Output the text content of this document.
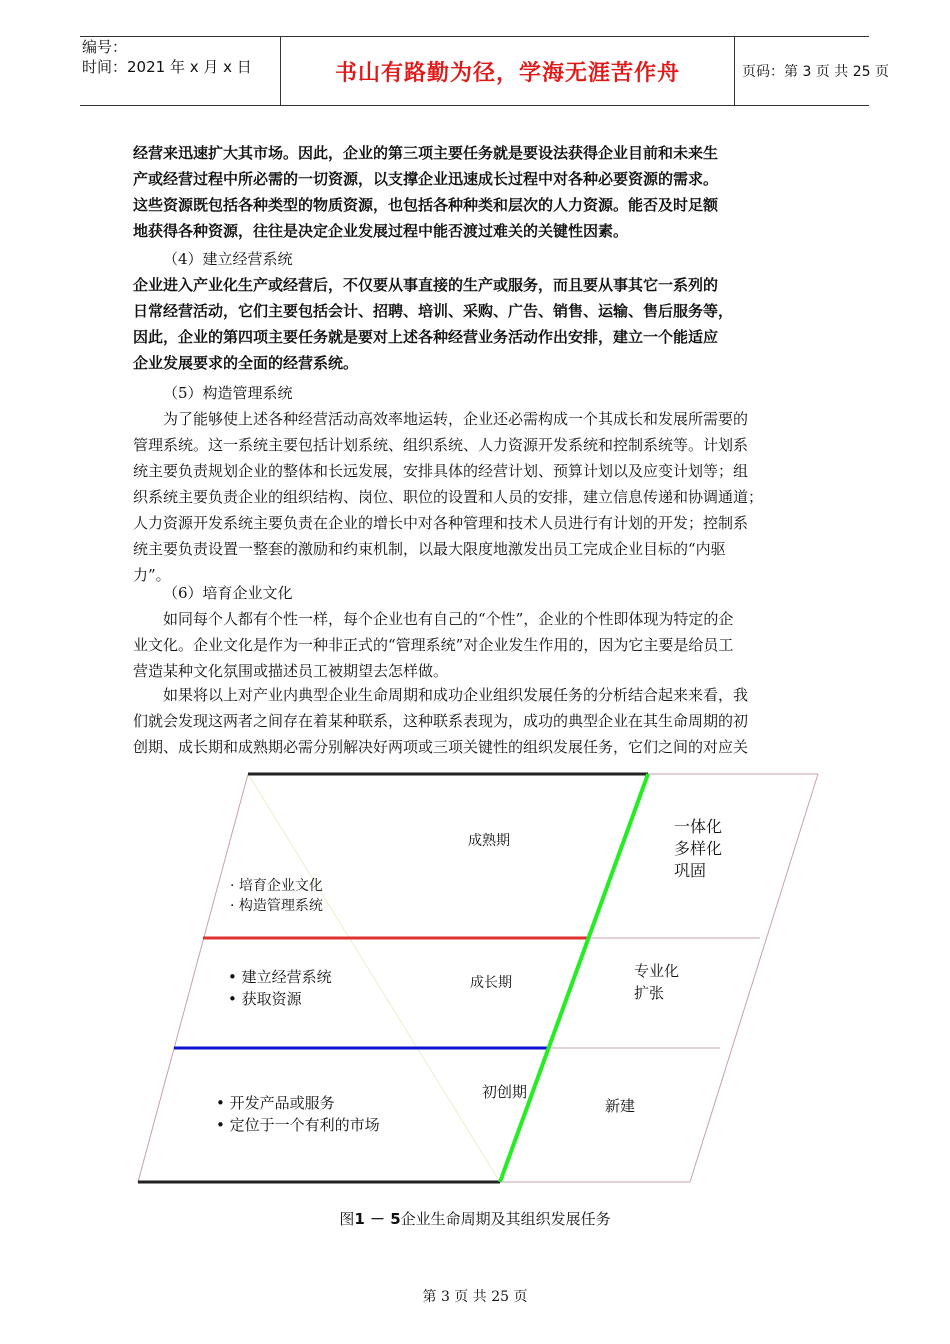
编号：
时间：2021 年 x 月 x 日	书山有路勤为径，学海无涯苦作舟	页码：第 3 页 共 25 页

经营来迅速扩大其市场。因此，企业的第三项主要任务就是要设法获得企业目前和未来生

产或经营过程中所必需的一切资源，以支撑企业迅速成长过程中对各种必要资源的需求。

这些资源既包括各种类型的物质资源，也包括各种种类和层次的人力资源。能否及时足额

地获得各种资源，往往是决定企业发展过程中能否渡过难关的关键性因素。

（4）建立经营系统

企业进入产业化生产或经营后，不仅要从事直接的生产或服务，而且要从事其它一系列的

日常经营活动，它们主要包括会计、招聘、培训、采购、广告、销售、运输、售后服务等，

因此，企业的第四项主要任务就是要对上述各种经营业务活动作出安排，建立一个能适应

企业发展要求的全面的经营系统。

（5）构造管理系统

为了能够使上述各种经营活动高效率地运转，企业还必需构成一个其成长和发展所需要的

管理系统。这一系统主要包括计划系统、组织系统、人力资源开发系统和控制系统等。计划系

统主要负责规划企业的整体和长远发展，安排具体的经营计划、预算计划以及应变计划等；组

织系统主要负责企业的组织结构、岗位、职位的设置和人员的安排，建立信息传递和协调通道；

人力资源开发系统主要负责在企业的增长中对各种管理和技术人员进行有计划的开发；控制系

统主要负责设置一整套的激励和约束机制，以最大限度地激发出员工完成企业目标的“内驱

力”。

（6）培育企业文化

如同每个人都有个性一样，每个企业也有自己的“个性”，企业的个性即体现为特定的企

业文化。企业文化是作为一种非正式的“管理系统”对企业发生作用的，因为它主要是给员工

营造某种文化氛围或描述员工被期望去怎样做。

如果将以上对产业内典型企业生命周期和成功企业组织发展任务的分析结合起来来看，我

们就会发现这两者之间存在着某种联系，这种联系表现为，成功的典型企业在其生命周期的初

创期、成长期和成熟期必需分别解决好两项或三项关键性的组织发展任务，它们之间的对应关

成熟期
成长期
初创期
· 培育企业文化
· 构造管理系统
• 建立经营系统
• 获取资源
• 开发产品或服务
• 定位于一个有利的市场
一体化
多样化
巩固
专业化
扩张
新建
图1 － 5企业生命周期及其组织发展任务
第 3 页 共 25 页
